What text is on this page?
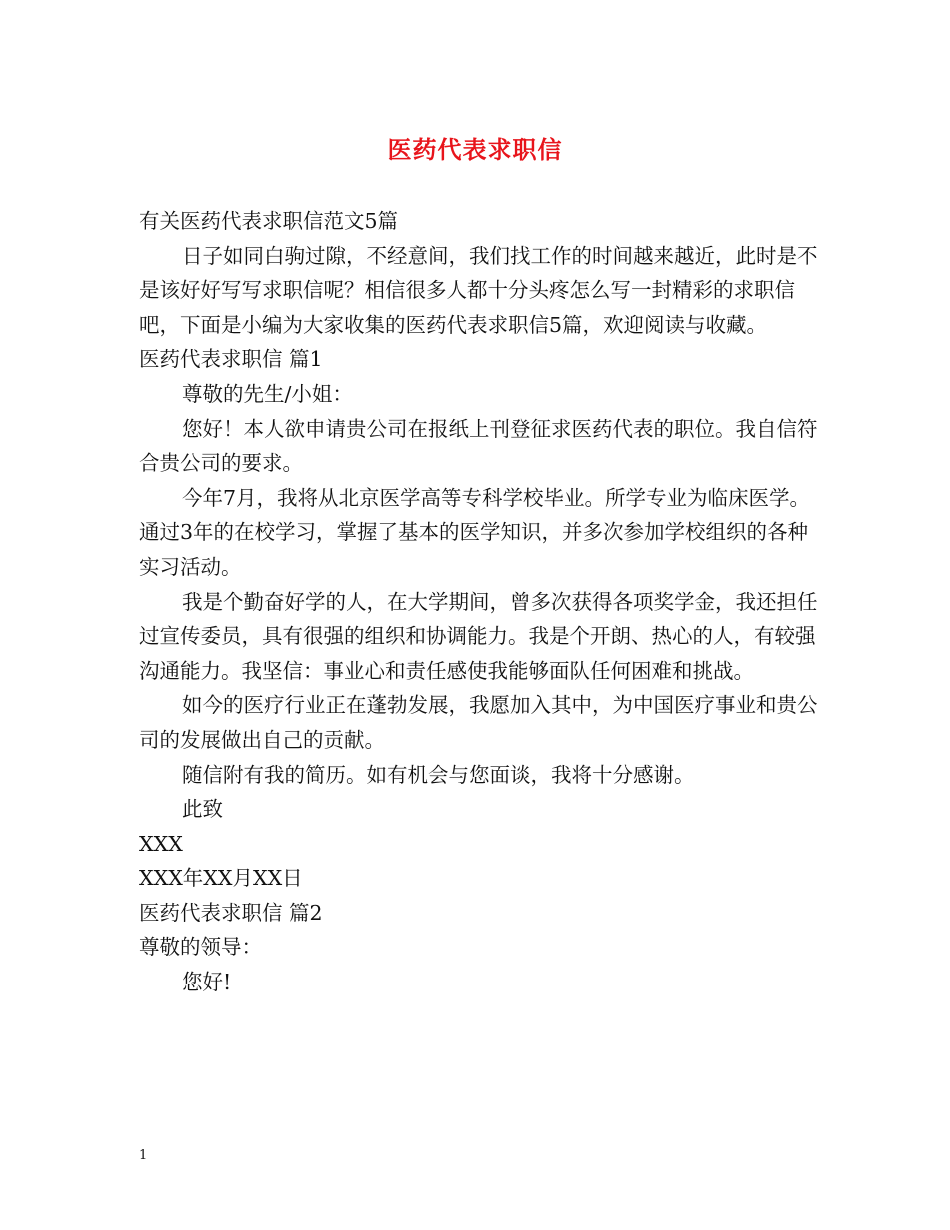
医药代表求职信

有关医药代表求职信范文5篇

日子如同白驹过隙，不经意间，我们找工作的时间越来越近，此时是不是该好好写写求职信呢？相信很多人都十分头疼怎么写一封精彩的求职信吧，下面是小编为大家收集的医药代表求职信5篇，欢迎阅读与收藏。

医药代表求职信 篇1

尊敬的先生/小姐：

您好！本人欲申请贵公司在报纸上刊登征求医药代表的职位。我自信符合贵公司的要求。

今年7月，我将从北京医学高等专科学校毕业。所学专业为临床医学。通过3年的在校学习，掌握了基本的医学知识，并多次参加学校组织的各种实习活动。

我是个勤奋好学的人，在大学期间，曾多次获得各项奖学金，我还担任过宣传委员，具有很强的组织和协调能力。我是个开朗、热心的人，有较强沟通能力。我坚信：事业心和责任感使我能够面队任何困难和挑战。

如今的医疗行业正在蓬勃发展，我愿加入其中，为中国医疗事业和贵公司的发展做出自己的贡献。

随信附有我的简历。如有机会与您面谈，我将十分感谢。

此致

XXX

XXX年XX月XX日

医药代表求职信 篇2

尊敬的领导：

您好!

1
